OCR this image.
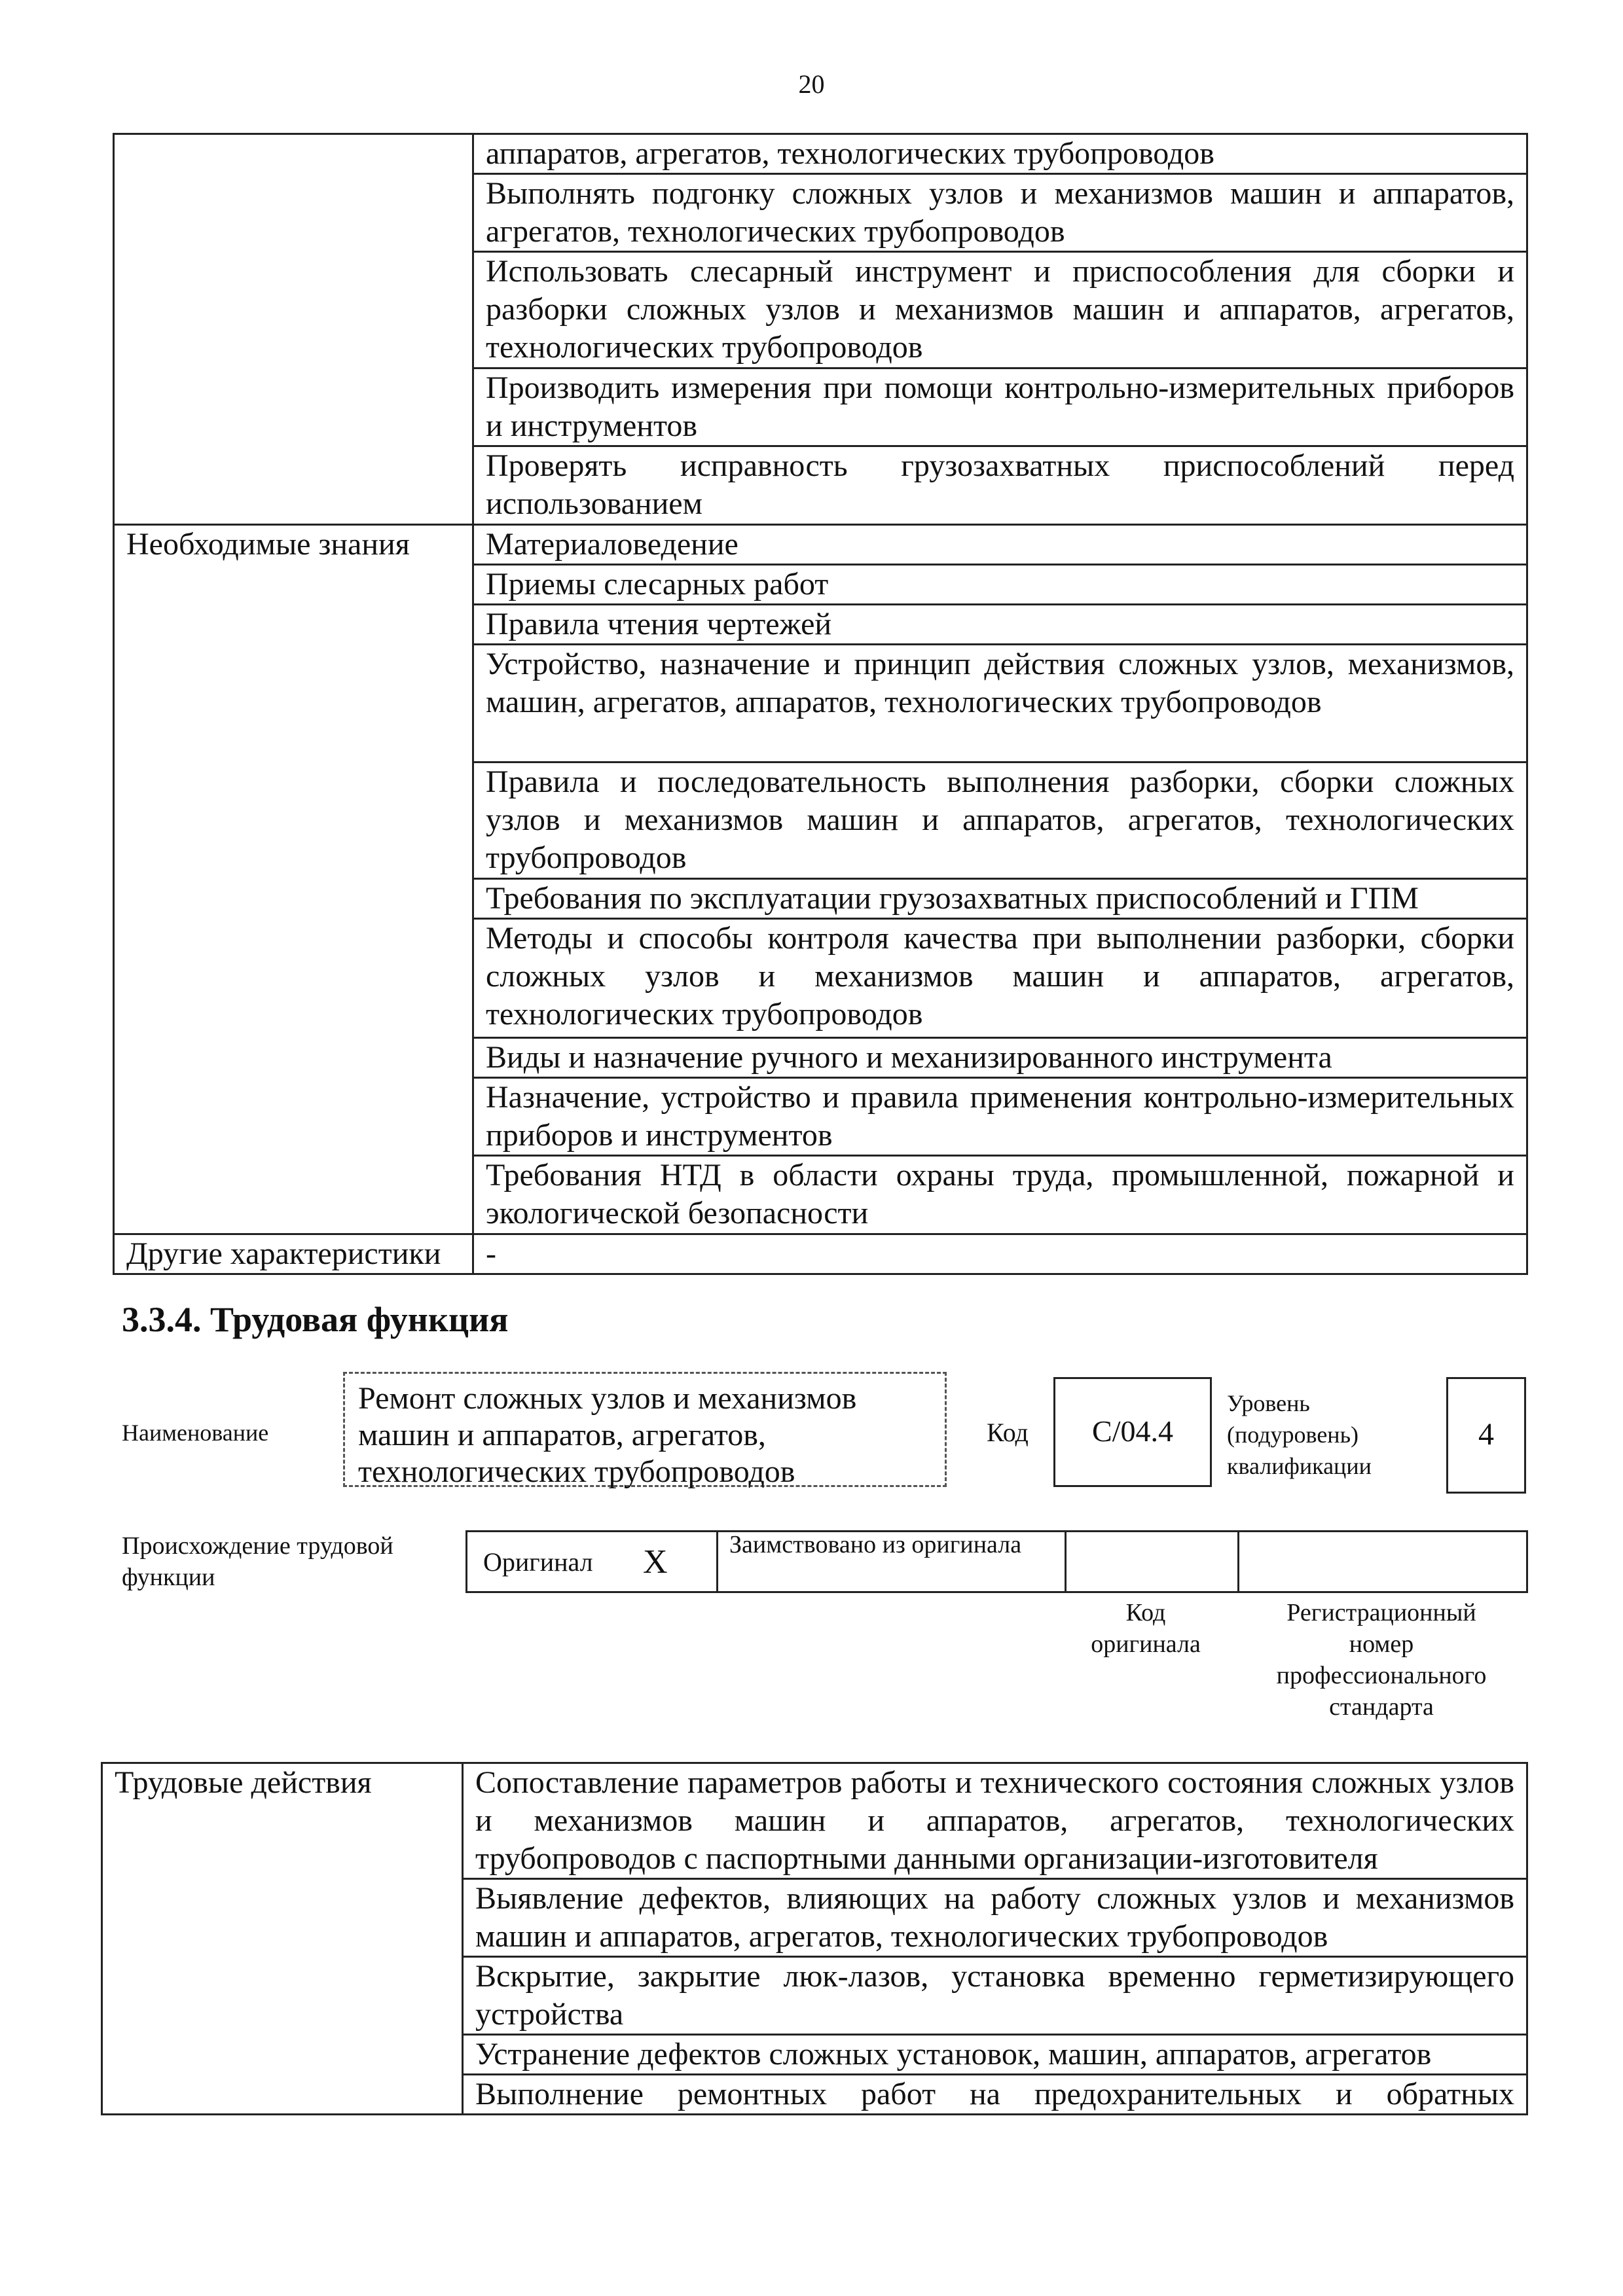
20
	аппаратов, агрегатов, технологических трубопроводов
	Выполнять подгонку сложных узлов и механизмов машин и аппаратов, агрегатов, технологических трубопроводов
	Использовать слесарный инструмент и приспособления для сборки и разборки сложных узлов и механизмов машин и аппаратов, агрегатов, технологических трубопроводов
	Производить измерения при помощи контрольно-измерительных приборов и инструментов
	Проверять исправность грузозахватных приспособлений перед использованием
Необходимые знания	Материаловедение
	Приемы слесарных работ
	Правила чтения чертежей
	Устройство, назначение и принцип действия сложных узлов, механизмов, машин, агрегатов, аппаратов, технологических трубопроводов
	Правила и последовательность выполнения разборки, сборки сложных узлов и механизмов машин и аппаратов, агрегатов, технологических трубопроводов
	Требования по эксплуатации грузозахватных приспособлений и ГПМ
	Методы и способы контроля качества при выполнении разборки, сборки сложных узлов и механизмов машин и аппаратов, агрегатов, технологических трубопроводов
	Виды и назначение ручного и механизированного инструмента
	Назначение, устройство и правила применения контрольно-измерительных приборов и инструментов
	Требования НТД в области охраны труда, промышленной, пожарной и экологической безопасности
Другие характеристики	-
3.3.4. Трудовая функция
Наименование
Ремонт сложных узлов и механизмов машин и аппаратов, агрегатов, технологических трубопроводов
Код	С/04.4
Уровень (подуровень) квалификации
4
Происхождение трудовой функции
Оригинал X Заимствовано из оригинала
Код оригинала
Регистрационный номер профессионального стандарта
Трудовые действия	Сопоставление параметров работы и технического состояния сложных узлов и механизмов машин и аппаратов, агрегатов, технологических трубопроводов с паспортными данными организации-изготовителя
	Выявление дефектов, влияющих на работу сложных узлов и механизмов машин и аппаратов, агрегатов, технологических трубопроводов
	Вскрытие, закрытие люк-лазов, установка временно герметизирующего устройства
	Устранение дефектов сложных установок, машин, аппаратов, агрегатов
	Выполнение ремонтных работ на предохранительных и обратных
